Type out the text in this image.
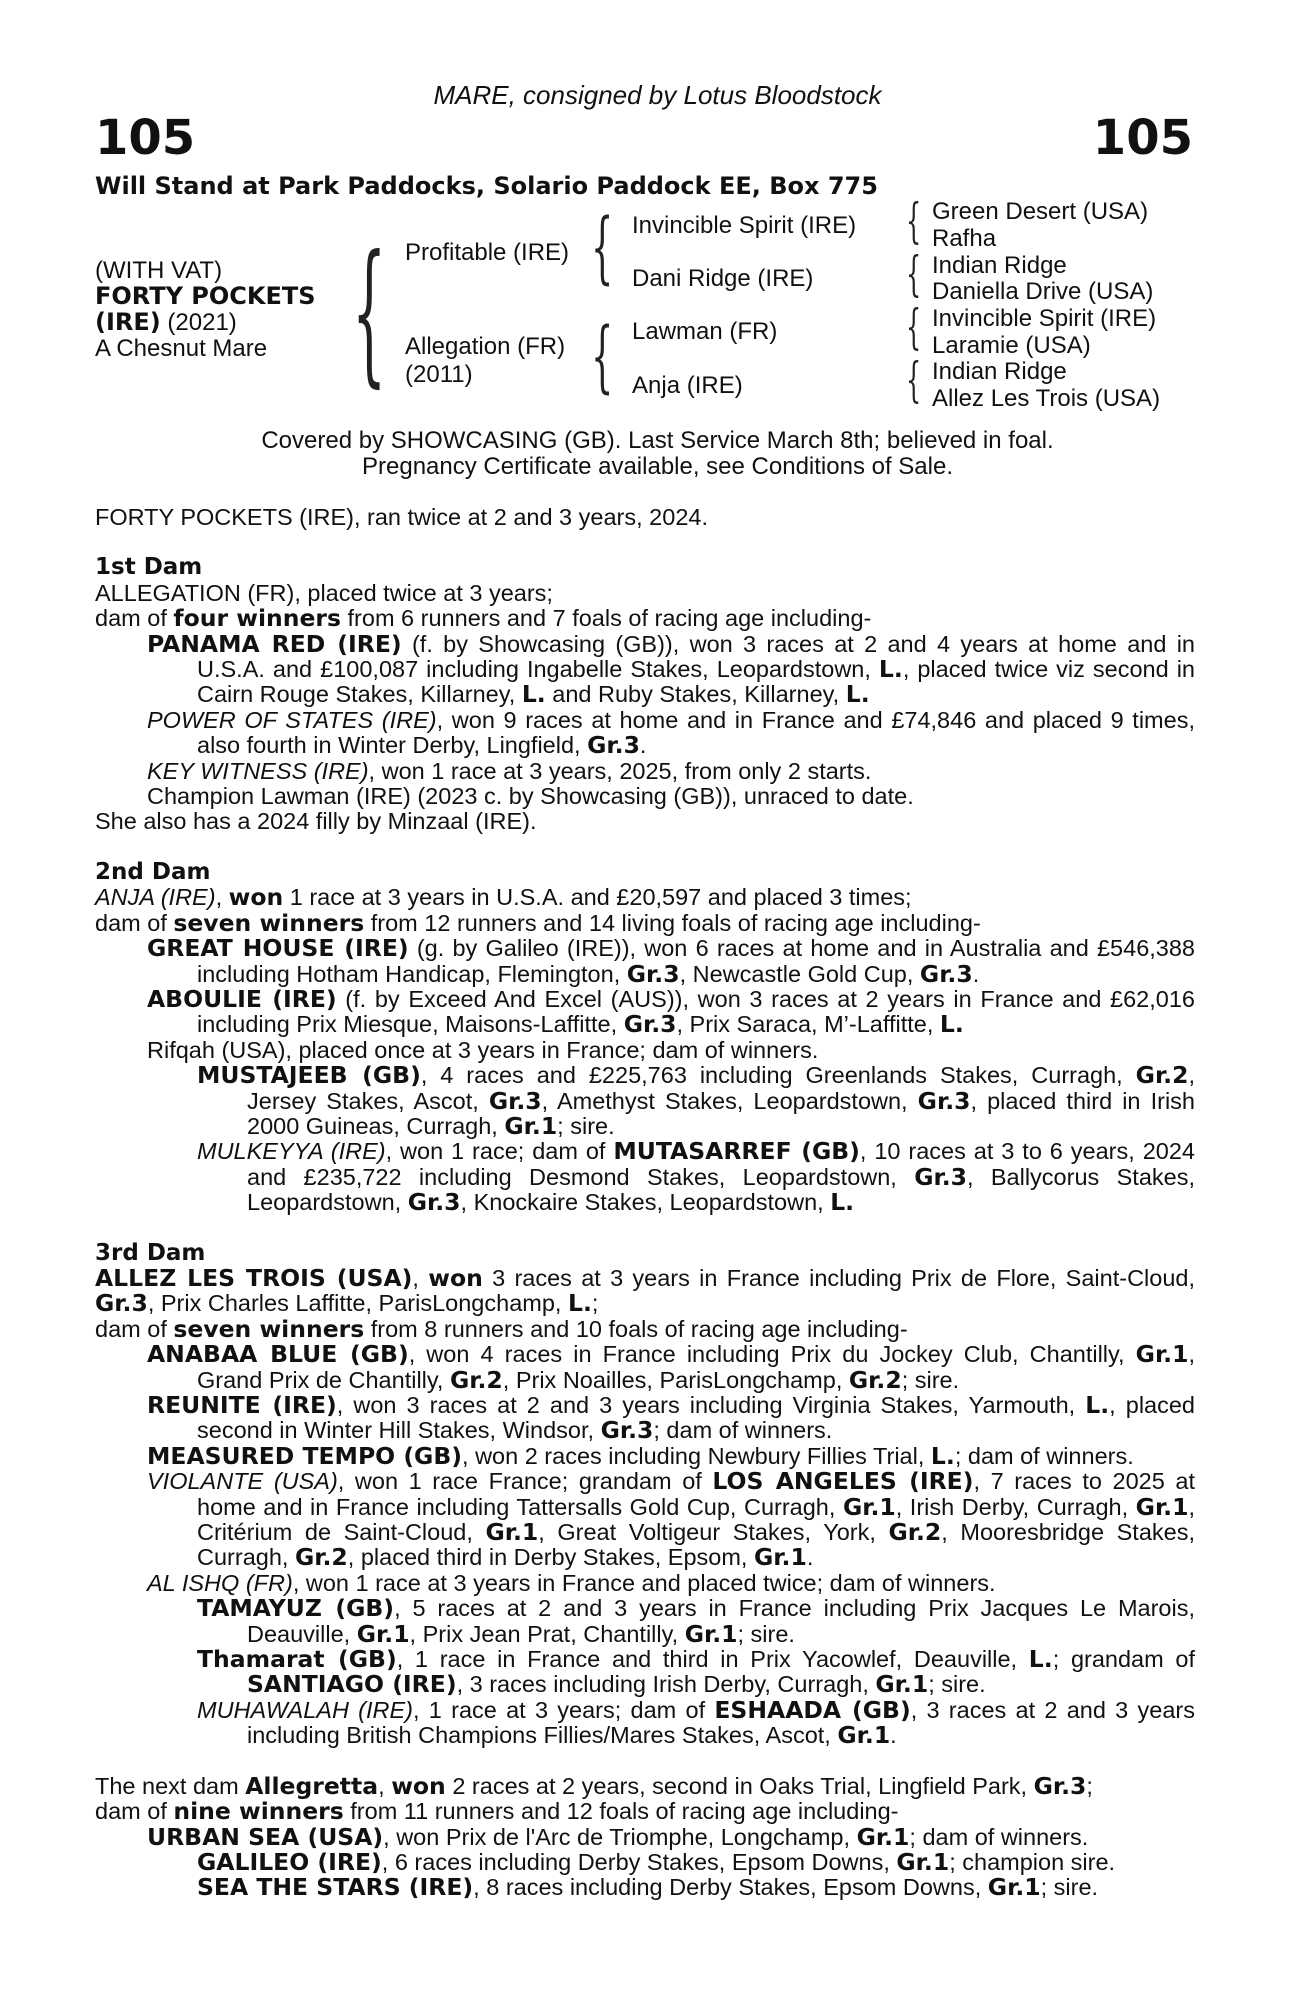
MARE, consigned by Lotus Bloodstock
105	105
Will Stand at Park Paddocks, Solario Paddock EE, Box 775
(WITH VAT)
FORTY POCKETS
(IRE) (2021)
A Chesnut Mare { Profitable (IRE)
Allegation (FR)
(2011)
{
{
Invincible Spirit (IRE)
Dani Ridge (IRE)
Lawman (FR)
Anja (IRE)
{
{
{
{
Green Desert (USA)
Rafha
Indian Ridge
Daniella Drive (USA)
Invincible Spirit (IRE)
Laramie (USA)
Indian Ridge
Allez Les Trois (USA)
Covered by SHOWCASING (GB). Last Service March 8th; believed in foal.
Pregnancy Certificate available, see Conditions of Sale.

FORTY POCKETS (IRE), ran twice at 2 and 3 years, 2024.

1st Dam

ALLEGATION (FR), placed twice at 3 years;

dam of four winners from 6 runners and 7 foals of racing age including-

PANAMA RED (IRE) (f. by Showcasing (GB)), won 3 races at 2 and 4 years at home and in U.S.A. and £100,087 including Ingabelle Stakes, Leopardstown, L., placed twice viz second in Cairn Rouge Stakes, Killarney, L. and Ruby Stakes, Killarney, L.

POWER OF STATES (IRE), won 9 races at home and in France and £74,846 and placed 9 times, also fourth in Winter Derby, Lingfield, Gr.3.

KEY WITNESS (IRE), won 1 race at 3 years, 2025, from only 2 starts.

Champion Lawman (IRE) (2023 c. by Showcasing (GB)), unraced to date.

She also has a 2024 filly by Minzaal (IRE).

2nd Dam

ANJA (IRE), won 1 race at 3 years in U.S.A. and £20,597 and placed 3 times;

dam of seven winners from 12 runners and 14 living foals of racing age including-

GREAT HOUSE (IRE) (g. by Galileo (IRE)), won 6 races at home and in Australia and £546,388 including Hotham Handicap, Flemington, Gr.3, Newcastle Gold Cup, Gr.3.

ABOULIE (IRE) (f. by Exceed And Excel (AUS)), won 3 races at 2 years in France and £62,016 including Prix Miesque, Maisons-Laffitte, Gr.3, Prix Saraca, M’-Laffitte, L.

Rifqah (USA), placed once at 3 years in France; dam of winners.

MUSTAJEEB (GB), 4 races and £225,763 including Greenlands Stakes, Curragh, Gr.2, Jersey Stakes, Ascot, Gr.3, Amethyst Stakes, Leopardstown, Gr.3, placed third in Irish 2000 Guineas, Curragh, Gr.1; sire.

MULKEYYA (IRE), won 1 race; dam of MUTASARREF (GB), 10 races at 3 to 6 years, 2024 and £235,722 including Desmond Stakes, Leopardstown, Gr.3, Ballycorus Stakes, Leopardstown, Gr.3, Knockaire Stakes, Leopardstown, L.

3rd Dam

ALLEZ LES TROIS (USA), won 3 races at 3 years in France including Prix de Flore, Saint-Cloud, Gr.3, Prix Charles Laffitte, ParisLongchamp, L.;

dam of seven winners from 8 runners and 10 foals of racing age including-

ANABAA BLUE (GB), won 4 races in France including Prix du Jockey Club, Chantilly, Gr.1, Grand Prix de Chantilly, Gr.2, Prix Noailles, ParisLongchamp, Gr.2; sire.

REUNITE (IRE), won 3 races at 2 and 3 years including Virginia Stakes, Yarmouth, L., placed second in Winter Hill Stakes, Windsor, Gr.3; dam of winners.

MEASURED TEMPO (GB), won 2 races including Newbury Fillies Trial, L.; dam of winners.

VIOLANTE (USA), won 1 race France; grandam of LOS ANGELES (IRE), 7 races to 2025 at home and in France including Tattersalls Gold Cup, Curragh, Gr.1, Irish Derby, Curragh, Gr.1, Critérium de Saint-Cloud, Gr.1, Great Voltigeur Stakes, York, Gr.2, Mooresbridge Stakes, Curragh, Gr.2, placed third in Derby Stakes, Epsom, Gr.1.

AL ISHQ (FR), won 1 race at 3 years in France and placed twice; dam of winners.

TAMAYUZ (GB), 5 races at 2 and 3 years in France including Prix Jacques Le Marois, Deauville, Gr.1, Prix Jean Prat, Chantilly, Gr.1; sire.

Thamarat (GB), 1 race in France and third in Prix Yacowlef, Deauville, L.; grandam of SANTIAGO (IRE), 3 races including Irish Derby, Curragh, Gr.1; sire.

MUHAWALAH (IRE), 1 race at 3 years; dam of ESHAADA (GB), 3 races at 2 and 3 years including British Champions Fillies/Mares Stakes, Ascot, Gr.1.

The next dam Allegretta, won 2 races at 2 years, second in Oaks Trial, Lingfield Park, Gr.3;

dam of nine winners from 11 runners and 12 foals of racing age including-

URBAN SEA (USA), won Prix de l'Arc de Triomphe, Longchamp, Gr.1; dam of winners.

GALILEO (IRE), 6 races including Derby Stakes, Epsom Downs, Gr.1; champion sire.

SEA THE STARS (IRE), 8 races including Derby Stakes, Epsom Downs, Gr.1; sire.
